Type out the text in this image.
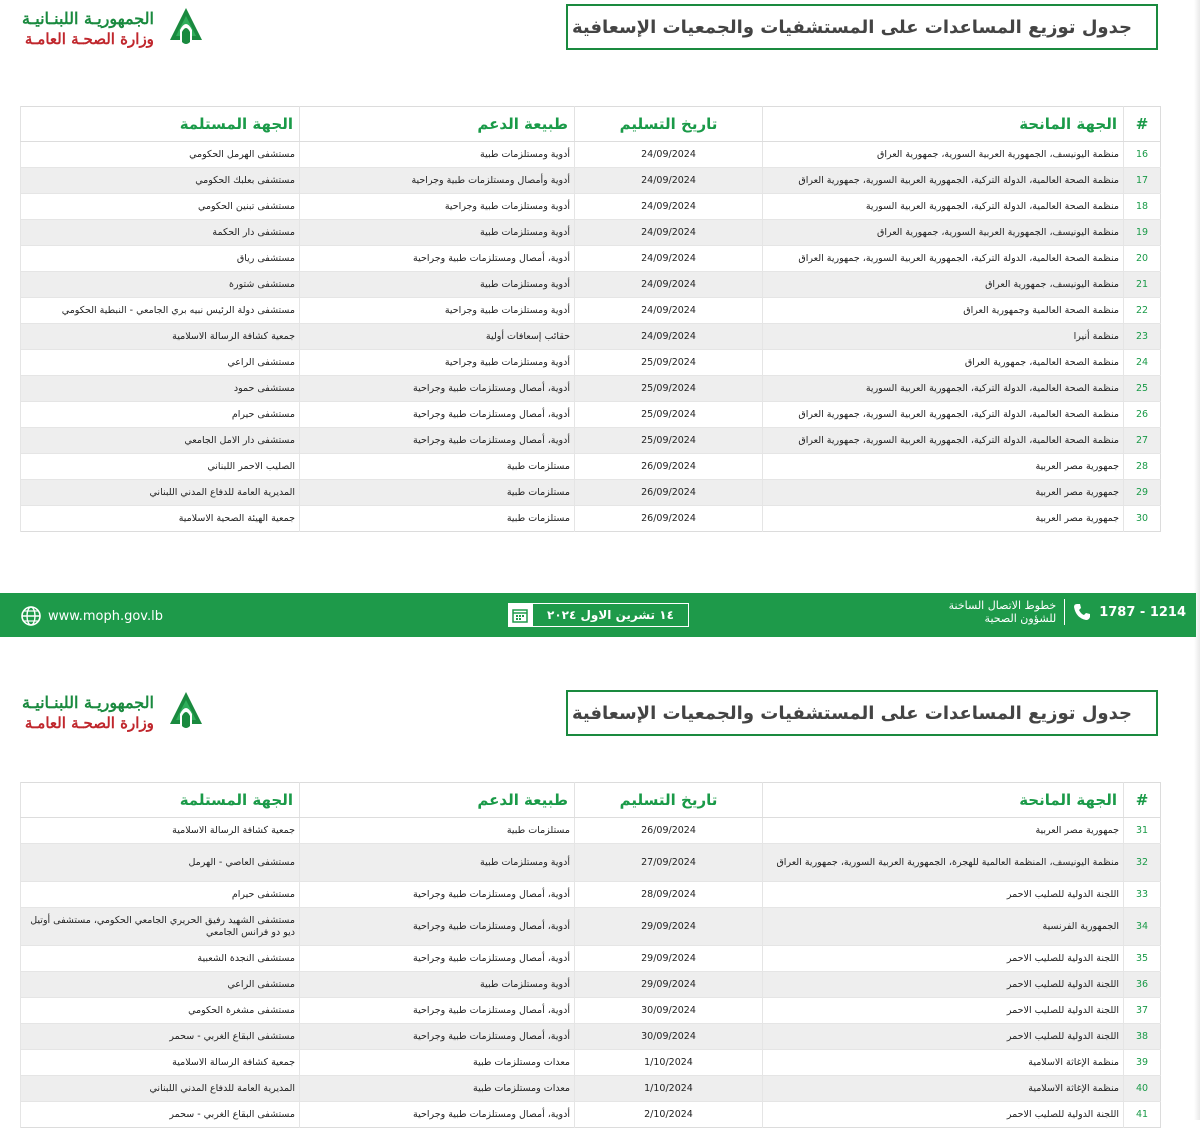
الجمهوريـة اللبنـانيـة
وزارة الصحـة العامـة
جدول توزيع المساعدات على المستشفيات والجمعيات الإسعافية
#	الجهة المانحة	تاريخ التسليم	طبيعة الدعم	الجهة المستلمة
16	منظمة اليونيسف، الجمهورية العربية السورية، جمهورية العراق	24/09/2024	أدوية ومستلزمات طبية	مستشفى الهرمل الحكومي
17	منظمة الصحة العالمية، الدولة التركية، الجمهورية العربية السورية، جمهورية العراق	24/09/2024	أدوية وأمصال ومستلزمات طبية وجراحية	مستشفى بعلبك الحكومي
18	منظمة الصحة العالمية، الدولة التركية، الجمهورية العربية السورية	24/09/2024	أدوية ومستلزمات طبية وجراحية	مستشفى تبنين الحكومي
19	منظمة اليونيسف، الجمهورية العربية السورية، جمهورية العراق	24/09/2024	أدوية ومستلزمات طبية	مستشفى دار الحكمة
20	منظمة الصحة العالمية، الدولة التركية، الجمهورية العربية السورية، جمهورية العراق	24/09/2024	أدوية، أمصال ومستلزمات طبية وجراحية	مستشفى رياق
21	منظمة اليونيسف، جمهورية العراق	24/09/2024	أدوية ومستلزمات طبية	مستشفى شتورة
22	منظمة الصحة العالمية وجمهورية العراق	24/09/2024	أدوية ومستلزمات طبية وجراحية	مستشفى دولة الرئيس نبيه بري الجامعي - النبطية الحكومي
23	منظمة أنيرا	24/09/2024	حقائب إسعافات أولية	جمعية كشافة الرسالة الاسلامية
24	منظمة الصحة العالمية، جمهورية العراق	25/09/2024	أدوية ومستلزمات طبية وجراحية	مستشفى الراعي
25	منظمة الصحة العالمية، الدولة التركية، الجمهورية العربية السورية	25/09/2024	أدوية، أمصال ومستلزمات طبية وجراحية	مستشفى حمود
26	منظمة الصحة العالمية، الدولة التركية، الجمهورية العربية السورية، جمهورية العراق	25/09/2024	أدوية، أمصال ومستلزمات طبية وجراحية	مستشفى حيرام
27	منظمة الصحة العالمية، الدولة التركية، الجمهورية العربية السورية، جمهورية العراق	25/09/2024	أدوية، أمصال ومستلزمات طبية وجراحية	مستشفى دار الامل الجامعي
28	جمهورية مصر العربية	26/09/2024	مستلزمات طبية	الصليب الاحمر اللبناني
29	جمهورية مصر العربية	26/09/2024	مستلزمات طبية	المديرية العامة للدفاع المدني اللبناني
30	جمهورية مصر العربية	26/09/2024	مستلزمات طبية	جمعية الهيئة الصحية الاسلامية
www.moph.gov.lb	١٤ تشرين الاول ٢٠٢٤
خطوط الاتصال الساخنة
للشؤون الصحية	1787 - 1214
الجمهوريـة اللبنـانيـة
وزارة الصحـة العامـة	جدول توزيع المساعدات على المستشفيات والجمعيات الإسعافية
#	الجهة المانحة	تاريخ التسليم	طبيعة الدعم	الجهة المستلمة
31	جمهورية مصر العربية	26/09/2024	مستلزمات طبية	جمعية كشافة الرسالة الاسلامية
32	منظمة اليونيسف، المنظمة العالمية للهجرة، الجمهورية العربية السورية، جمهورية العراق	27/09/2024	أدوية ومستلزمات طبية	مستشفى العاصي - الهرمل
33	اللجنة الدولية للصليب الاحمر	28/09/2024	أدوية، أمصال ومستلزمات طبية وجراحية	مستشفى حيرام
34	الجمهورية الفرنسية	29/09/2024	أدوية، أمصال ومستلزمات طبية وجراحية	مستشفى الشهيد رفيق الحريري الجامعي الحكومي، مستشفى أوتيل ديو دو فرانس الجامعي
35	اللجنة الدولية للصليب الاحمر	29/09/2024	أدوية، أمصال ومستلزمات طبية وجراحية	مستشفى النجدة الشعبية
36	اللجنة الدولية للصليب الاحمر	29/09/2024	أدوية ومستلزمات طبية	مستشفى الراعي
37	اللجنة الدولية للصليب الاحمر	30/09/2024	أدوية، أمصال ومستلزمات طبية وجراحية	مستشفى مشغرة الحكومي
38	اللجنة الدولية للصليب الاحمر	30/09/2024	أدوية، أمصال ومستلزمات طبية وجراحية	مستشفى البقاع الغربي - سحمر
39	منظمة الإغاثة الاسلامية	1/10/2024	معدات ومستلزمات طبية	جمعية كشافة الرسالة الاسلامية
40	منظمة الإغاثة الاسلامية	1/10/2024	معدات ومستلزمات طبية	المديرية العامة للدفاع المدني اللبناني
41	اللجنة الدولية للصليب الاحمر	2/10/2024	أدوية، أمصال ومستلزمات طبية وجراحية	مستشفى البقاع الغربي - سحمر
